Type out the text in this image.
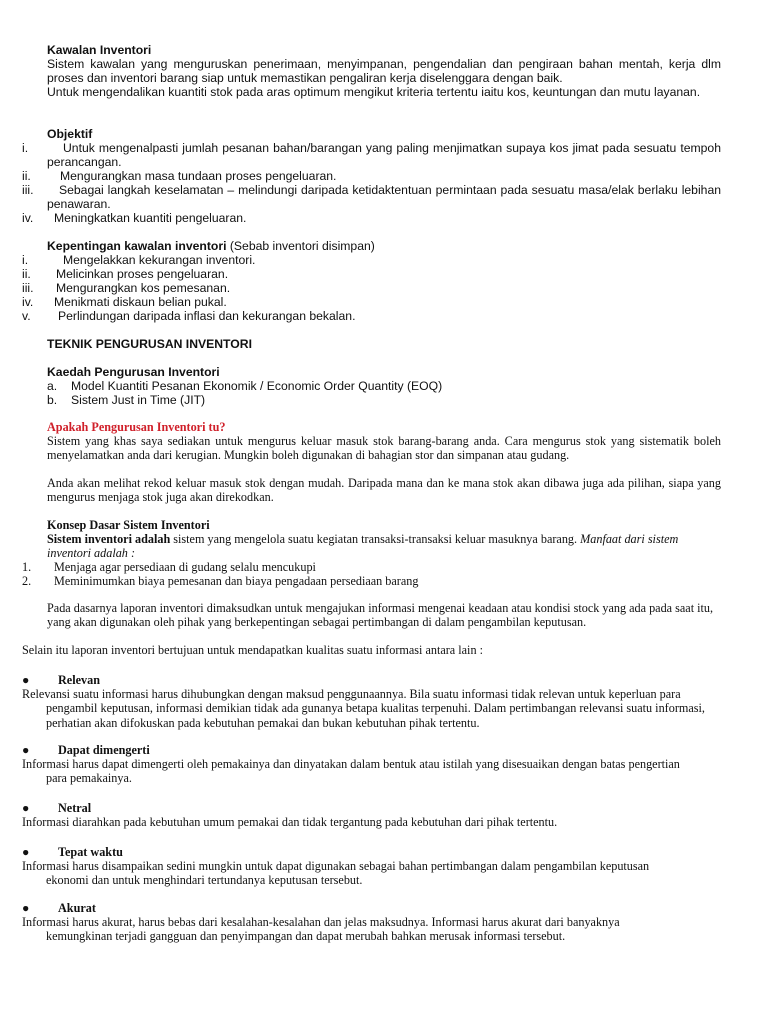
Kawalan Inventori
Sistem kawalan yang menguruskan penerimaan, menyimpanan, pengendalian dan pengiraan bahan mentah, kerja dlm proses dan inventori barang siap untuk memastikan pengaliran kerja diselenggara dengan baik.
Untuk mengendalikan kuantiti stok pada aras optimum mengikut kriteria tertentu iaitu kos, keuntungan dan mutu layanan.
Objektif
i.	Untuk mengenalpasti jumlah pesanan bahan/barangan yang paling menjimatkan supaya kos jimat pada sesuatu tempoh perancangan.
ii. Mengurangkan masa tundaan proses pengeluaran.
iii.	Sebagai langkah keselamatan – melindungi daripada ketidaktentuan permintaan pada sesuatu masa/elak berlaku lebihan penawaran.
iv. Meningkatkan kuantiti pengeluaran.
Kepentingan kawalan inventori (Sebab inventori disimpan)
i.	Mengelakkan kekurangan inventori.
ii. Melicinkan proses pengeluaran.
iii. Mengurangkan kos pemesanan.
iv. Menikmati diskaun belian pukal.
v. Perlindungan daripada inflasi dan kekurangan bekalan.
TEKNIK PENGURUSAN INVENTORI
Kaedah Pengurusan Inventori
a. Model Kuantiti Pesanan Ekonomik / Economic Order Quantity (EOQ)
b. Sistem Just in Time (JIT)
Apakah Pengurusan Inventori tu?
Sistem yang khas saya sediakan untuk mengurus keluar masuk stok barang-barang anda. Cara mengurus stok yang sistematik boleh menyelamatkan anda dari kerugian. Mungkin boleh digunakan di bahagian stor dan simpanan atau gudang.
Anda akan melihat rekod keluar masuk stok dengan mudah. Daripada mana dan ke mana stok akan dibawa juga ada pilihan, siapa yang mengurus menjaga stok juga akan direkodkan.
Konsep Dasar Sistem Inventori
Sistem inventori adalah sistem yang mengelola suatu kegiatan transaksi-transaksi keluar masuknya barang. Manfaat dari sistem inventori adalah :
1. Menjaga agar persediaan di gudang selalu mencukupi
2. Meminimumkan biaya pemesanan dan biaya pengadaan persediaan barang
Pada dasarnya laporan inventori dimaksudkan untuk mengajukan informasi mengenai keadaan atau kondisi stock yang ada pada saat itu, yang akan digunakan oleh pihak yang berkepentingan sebagai pertimbangan di dalam pengambilan keputusan.
Selain itu laporan inventori bertujuan untuk mendapatkan kualitas suatu informasi antara lain :
● Relevan
Relevansi suatu informasi harus dihubungkan dengan maksud penggunaannya. Bila suatu informasi tidak relevan untuk keperluan para
pengambil keputusan, informasi demikian tidak ada gunanya betapa kualitas terpenuhi. Dalam pertimbangan relevansi suatu informasi, perhatian akan difokuskan pada kebutuhan pemakai dan bukan kebutuhan pihak tertentu.
● Dapat dimengerti
Informasi harus dapat dimengerti oleh pemakainya dan dinyatakan dalam bentuk atau istilah yang disesuaikan dengan batas pengertian
para pemakainya.
● Netral
Informasi diarahkan pada kebutuhan umum pemakai dan tidak tergantung pada kebutuhan dari pihak tertentu.
● Tepat waktu
Informasi harus disampaikan sedini mungkin untuk dapat digunakan sebagai bahan pertimbangan dalam pengambilan keputusan
ekonomi dan untuk menghindari tertundanya keputusan tersebut.
● Akurat
Informasi harus akurat, harus bebas dari kesalahan-kesalahan dan jelas maksudnya. Informasi harus akurat dari banyaknya
kemungkinan terjadi gangguan dan penyimpangan dan dapat merubah bahkan merusak informasi tersebut.
